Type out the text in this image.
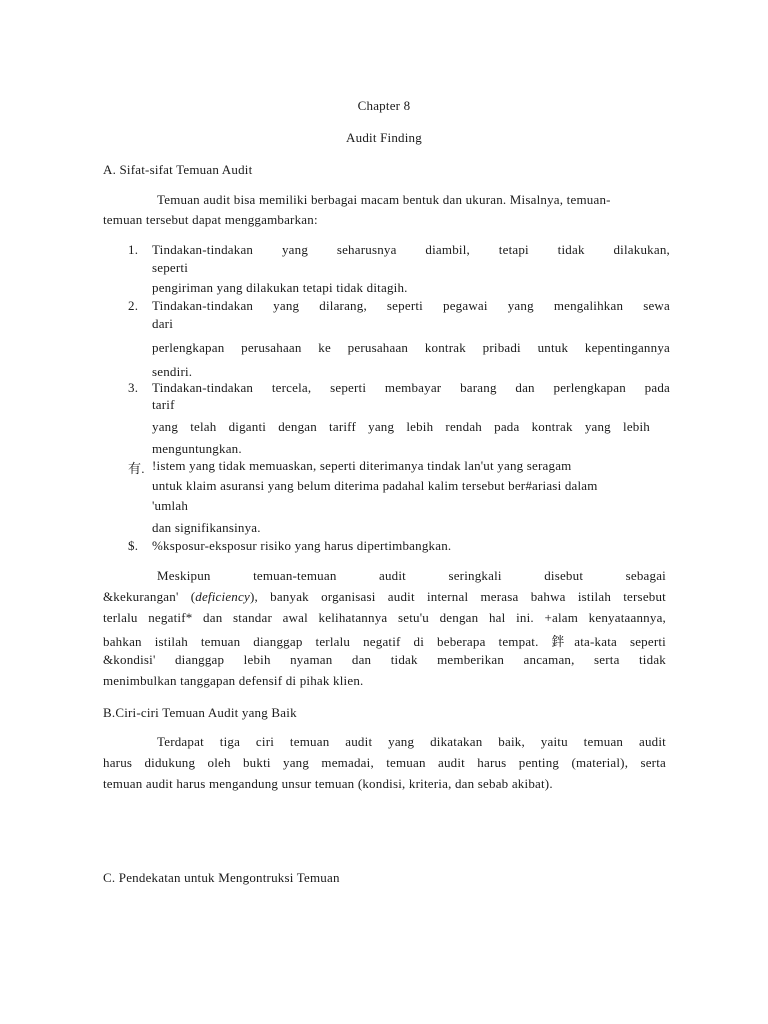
Chapter 8
Audit Finding
A. Sifat-sifat Temuan Audit
Temuan audit bisa memiliki berbagai macam bentuk dan ukuran. Misalnya, temuan-
temuan tersebut dapat menggambarkan:
1. Tindakan-tindakan yang seharusnya diambil, tetapi tidak dilakukan,
seperti
pengiriman yang dilakukan tetapi tidak ditagih.
2. Tindakan-tindakan yang dilarang, seperti pegawai yang mengalihkan sewa
dari
perlengkapan perusahaan ke perusahaan kontrak pribadi untuk kepentingannya
sendiri.
3. Tindakan-tindakan tercela, seperti membayar barang dan perlengkapan pada
tarif
yang telah diganti dengan tariff yang lebih rendah pada kontrak yang lebih
menguntungkan.
有. !istem yang tidak memuaskan, seperti diterimanya tindak lan'ut yang seragam
untuk klaim asuransi yang belum diterima padahal kalim tersebut ber#ariasi dalam
'umlah
dan signifikansinya.
$. %ksposur-eksposur risiko yang harus dipertimbangkan.
Meskipun temuan-temuan audit seringkali disebut sebagai
&kekurangan' (deficiency), banyak organisasi audit internal merasa bahwa istilah tersebut
terlalu negatif* dan standar awal kelihatannya setu'u dengan hal ini. +alam kenyataannya,
bahkan istilah temuan dianggap terlalu negatif di beberapa tempat. 鉡ata-kata seperti
&kondisi' dianggap lebih nyaman dan tidak memberikan ancaman, serta tidak
menimbulkan tanggapan defensif di pihak klien.
B.Ciri-ciri Temuan Audit yang Baik
Terdapat tiga ciri temuan audit yang dikatakan baik, yaitu temuan audit
harus didukung oleh bukti yang memadai, temuan audit harus penting (material), serta
temuan audit harus mengandung unsur temuan (kondisi, kriteria, dan sebab akibat).
C. Pendekatan untuk Mengontruksi Temuan
